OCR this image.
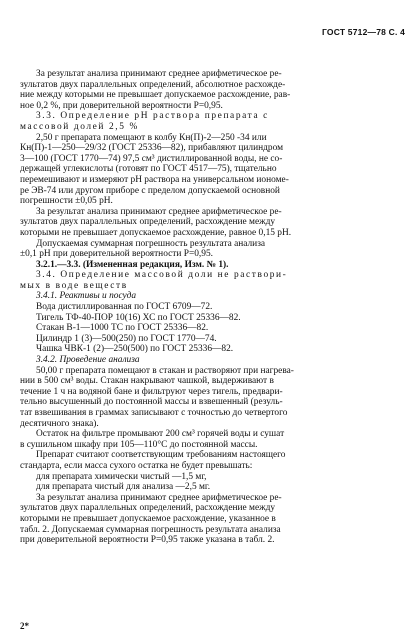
ГОСТ 5712—78 С. 4
За результат анализа принимают среднее арифметическое ре-
зультатов двух параллельных определений, абсолютное расхожде-
ние между которыми не превышает допускаемое расхождение, рав-
ное 0,2 %, при доверительной вероятности P=0,95.
3.3. Определение рН раствора препарата с
массовой долей 2,5 %
2,50 г препарата помещают в колбу Кн(П)-2—250 -34 или
Кн(П)-1—250—29/32 (ГОСТ 25336—82), прибавляют цилиндром
3—100 (ГОСТ 1770—74) 97,5 см³ дистиллированной воды, не со-
держащей углекислоты (готовят по ГОСТ 4517—75), тщательно
перемешивают и измеряют рН раствора на универсальном иономе-
ре ЭВ-74 или другом приборе с пределом допускаемой основной
погрешности ±0,05 рН.
За результат анализа принимают среднее арифметическое ре-
зультатов двух параллельных определений, расхождение между
которыми не превышает допускаемое расхождение, равное 0,15 рН.
Допускаемая суммарная погрешность результата анализа
±0,1 рН при доверительной вероятности P=0,95.
3.2.1.—3.3. (Измененная редакция, Изм. № 1).
3.4. Определение массовой доли не раствори-
мых в воде веществ
3.4.1. Реактивы и посуда
Вода дистиллированная по ГОСТ 6709—72.
Тигель ТФ-40-ПОР 10(16) ХС по ГОСТ 25336—82.
Стакан В-1—1000 ТС по ГОСТ 25336—82.
Цилиндр 1 (3)—500(250) по ГОСТ 1770—74.
Чашка ЧВК-1 (2)—250(500) по ГОСТ 25336—82.
3.4.2. Проведение анализа
50,00 г препарата помещают в стакан и растворяют при нагрева-
нии в 500 см³ воды. Стакан накрывают чашкой, выдерживают в
течение 1 ч на водяной бане и фильтруют через тигель, предвари-
тельно высушенный до постоянной массы и взвешенный (резуль-
тат взвешивания в граммах записывают с точностью до четвертого
десятичного знака).
Остаток на фильтре промывают 200 см³ горячей воды и сушат
в сушильном шкафу при 105—110°С до постоянной массы.
Препарат считают соответствующим требованиям настоящего
стандарта, если масса сухого остатка не будет превышать:
для препарата химически чистый —1,5 мг,
для препарата чистый для анализа —2,5 мг.
За результат анализа принимают среднее арифметическое ре-
зультатов двух параллельных определений, расхождение между
которыми не превышает допускаемое расхождение, указанное в
табл. 2. Допускаемая суммарная погрешность результата анализа
при доверительной вероятности P=0,95 также указана в табл. 2.
2*
